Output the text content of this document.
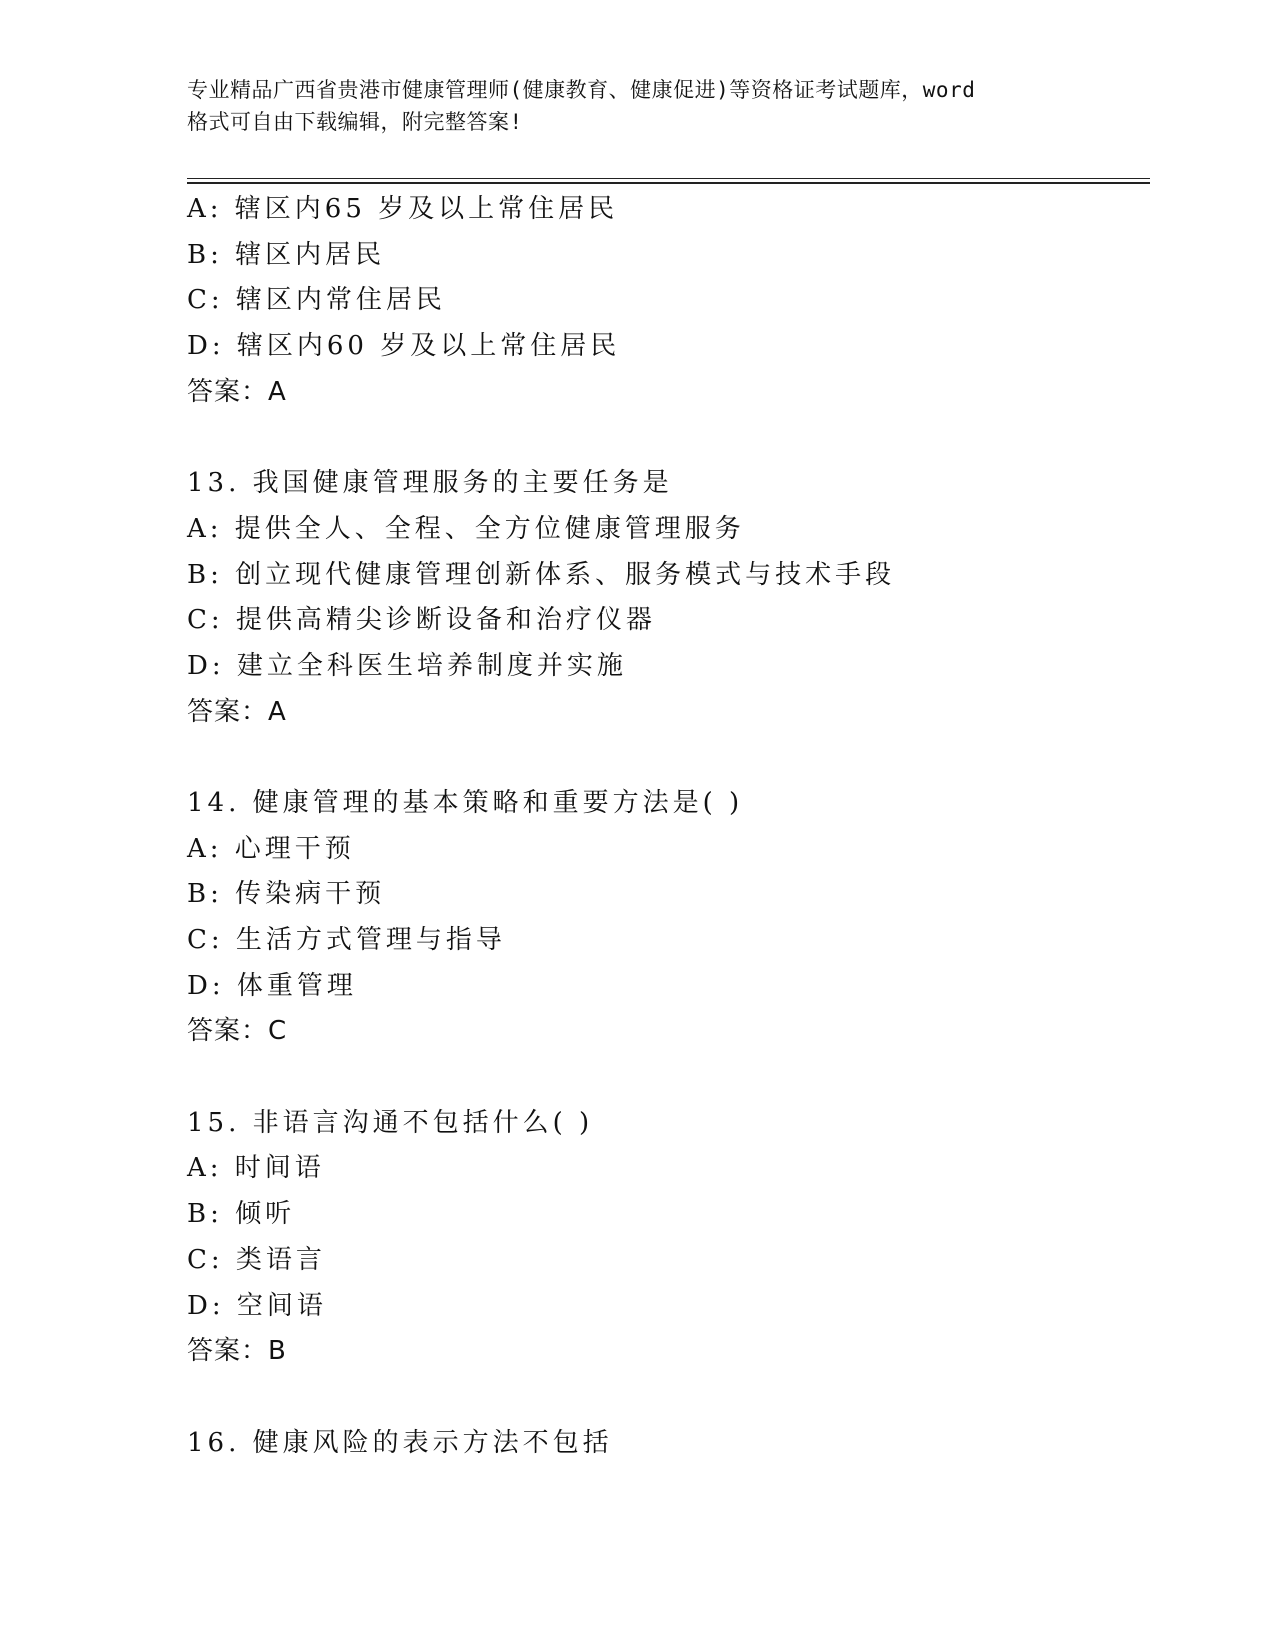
专业精品广西省贵港市健康管理师(健康教育、健康促进)等资格证考试题库，word
格式可自由下载编辑，附完整答案!
A: 辖区内65 岁及以上常住居民
B: 辖区内居民
C: 辖区内常住居民
D: 辖区内60 岁及以上常住居民
答案：A
13. 我国健康管理服务的主要任务是
A: 提供全人、全程、全方位健康管理服务
B: 创立现代健康管理创新体系、服务模式与技术手段
C: 提供高精尖诊断设备和治疗仪器
D: 建立全科医生培养制度并实施
答案：A
14. 健康管理的基本策略和重要方法是( )
A: 心理干预
B: 传染病干预
C: 生活方式管理与指导
D: 体重管理
答案：C
15. 非语言沟通不包括什么( )
A: 时间语
B: 倾听
C: 类语言
D: 空间语
答案：B
16. 健康风险的表示方法不包括
